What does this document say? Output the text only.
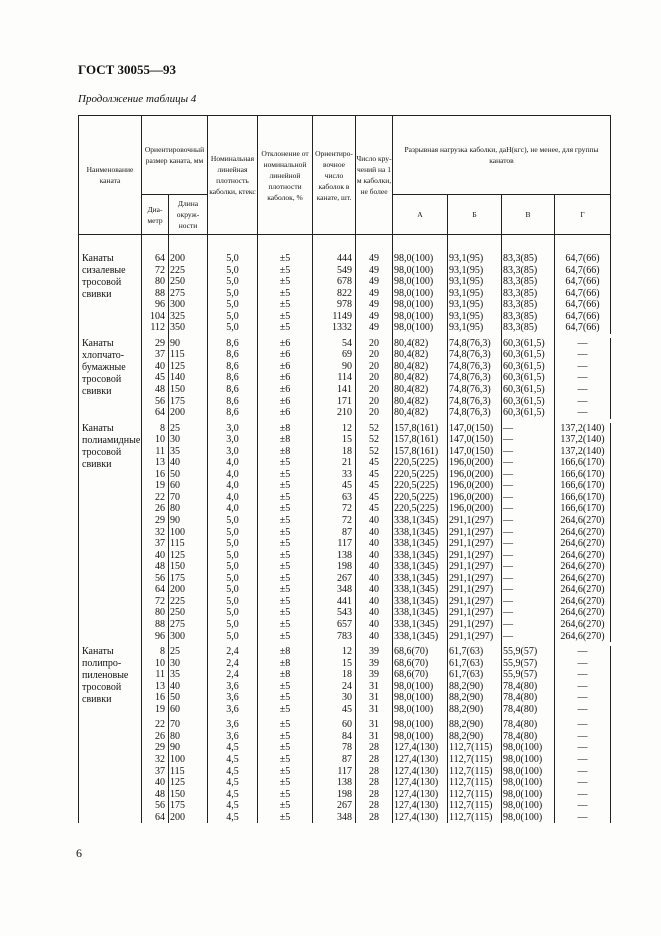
ГОСТ 30055—93
Продолжение таблицы 4
Наименование каната	Ориентировочный размер каната, мм		Номинальная линейная плотность каболки, ктекс	Отклонение от номинальной линейной плотности каболок, %	Ориентировочное число каболок в канате, шт.	Число кручений на 1 м каболки, не более	Разрывная нагрузка каболки, даН(кгс), не менее, для группы канатов			
	Диаметр	Длина окружности					А	Б	В	Г

Канаты сизалевые тросовой свивки	64	200	5,0	±5	444	49	98,0(100)	93,1(95)	83,3(85)	64,7(66)
	72	225	5,0	±5	549	49	98,0(100)	93,1(95)	83,3(85)	64,7(66)
	80	250	5,0	±5	678	49	98,0(100)	93,1(95)	83,3(85)	64,7(66)
	88	275	5,0	±5	822	49	98,0(100)	93,1(95)	83,3(85)	64,7(66)
	96	300	5,0	±5	978	49	98,0(100)	93,1(95)	83,3(85)	64,7(66)
	104	325	5,0	±5	1149	49	98,0(100)	93,1(95)	83,3(85)	64,7(66)
	112	350	5,0	±5	1332	49	98,0(100)	93,1(95)	83,3(85)	64,7(66)

Канаты хлопчатобумажные тросовой свивки	29	90	8,6	±6	54	20	80,4(82)	74,8(76,3)	60,3(61,5)	—
	37	115	8,6	±6	69	20	80,4(82)	74,8(76,3)	60,3(61,5)	—
	40	125	8,6	±6	90	20	80,4(82)	74,8(76,3)	60,3(61,5)	—
	45	140	8,6	±6	114	20	80,4(82)	74,8(76,3)	60,3(61,5)	—
	48	150	8,6	±6	141	20	80,4(82)	74,8(76,3)	60,3(61,5)	—
	56	175	8,6	±6	171	20	80,4(82)	74,8(76,3)	60,3(61,5)	—
	64	200	8,6	±6	210	20	80,4(82)	74,8(76,3)	60,3(61,5)	—

Канаты полиамидные тросовой свивки	8	25	3,0	±8	12	52	157,8(161)	147,0(150)	—	137,2(140)
	10	30	3,0	±8	15	52	157,8(161)	147,0(150)	—	137,2(140)
	11	35	3,0	±8	18	52	157,8(161)	147,0(150)	—	137,2(140)
	13	40	4,0	±5	21	45	220,5(225)	196,0(200)	—	166,6(170)
	16	50	4,0	±5	33	45	220,5(225)	196,0(200)	—	166,6(170)
	19	60	4,0	±5	45	45	220,5(225)	196,0(200)	—	166,6(170)
	22	70	4,0	±5	63	45	220,5(225)	196,0(200)	—	166,6(170)
	26	80	4,0	±5	72	45	220,5(225)	196,0(200)	—	166,6(170)
	29	90	5,0	±5	72	40	338,1(345)	291,1(297)	—	264,6(270)
	32	100	5,0	±5	87	40	338,1(345)	291,1(297)	—	264,6(270)
	37	115	5,0	±5	117	40	338,1(345)	291,1(297)	—	264,6(270)
	40	125	5,0	±5	138	40	338,1(345)	291,1(297)	—	264,6(270)
	48	150	5,0	±5	198	40	338,1(345)	291,1(297)	—	264,6(270)
	56	175	5,0	±5	267	40	338,1(345)	291,1(297)	—	264,6(270)
	64	200	5,0	±5	348	40	338,1(345)	291,1(297)	—	264,6(270)
	72	225	5,0	±5	441	40	338,1(345)	291,1(297)	—	264,6(270)
	80	250	5,0	±5	543	40	338,1(345)	291,1(297)	—	264,6(270)
	88	275	5,0	±5	657	40	338,1(345)	291,1(297)	—	264,6(270)
	96	300	5,0	±5	783	40	338,1(345)	291,1(297)	—	264,6(270)

Канаты полипропиленовые тросовой свивки	8	25	2,4	±8	12	39	68,6(70)	61,7(63)	55,9(57)	—
	10	30	2,4	±8	15	39	68,6(70)	61,7(63)	55,9(57)	—
	11	35	2,4	±8	18	39	68,6(70)	61,7(63)	55,9(57)	—
	13	40	3,6	±5	24	31	98,0(100)	88,2(90)	78,4(80)	—
	16	50	3,6	±5	30	31	98,0(100)	88,2(90)	78,4(80)	—
	19	60	3,6	±5	45	31	98,0(100)	88,2(90)	78,4(80)	—

	22	70	3,6	±5	60	31	98,0(100)	88,2(90)	78,4(80)	—
	26	80	3,6	±5	84	31	98,0(100)	88,2(90)	78,4(80)	—
	29	90	4,5	±5	78	28	127,4(130)	112,7(115)	98,0(100)	—
	32	100	4,5	±5	87	28	127,4(130)	112,7(115)	98,0(100)	—
	37	115	4,5	±5	117	28	127,4(130)	112,7(115)	98,0(100)	—
	40	125	4,5	±5	138	28	127,4(130)	112,7(115)	98,0(100)	—
	48	150	4,5	±5	198	28	127,4(130)	112,7(115)	98,0(100)	—
	56	175	4,5	±5	267	28	127,4(130)	112,7(115)	98,0(100)	—
	64	200	4,5	±5	348	28	127,4(130)	112,7(115)	98,0(100)	—
6
